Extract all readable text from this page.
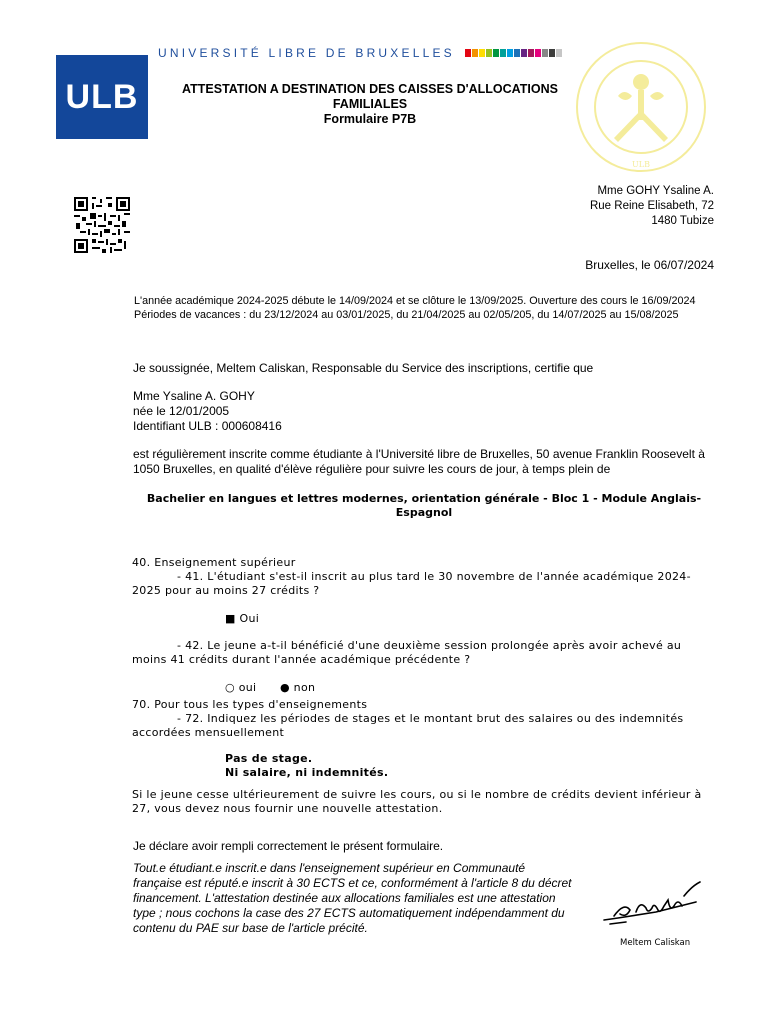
UNIVERSITÉ LIBRE DE BRUXELLES
ULB	ATTESTATION A DESTINATION DES CAISSES D'ALLOCATIONS FAMILIALES
Formulaire P7B
ULB
Mme GOHY Ysaline A.
Rue Reine Elisabeth, 72
1480 Tubize
Bruxelles, le 06/07/2024
L'année académique 2024-2025 débute le 14/09/2024 et se clôture le 13/09/2025. Ouverture des cours le 16/09/2024
Périodes de vacances : du 23/12/2024 au 03/01/2025, du 21/04/2025 au 02/05/205, du 14/07/2025 au 15/08/2025
Je soussignée, Meltem Caliskan, Responsable du Service des inscriptions, certifie que
Mme Ysaline A. GOHY
née le 12/01/2005
Identifiant ULB : 000608416
est régulièrement inscrite comme étudiante à l'Université libre de Bruxelles, 50 avenue Franklin Roosevelt à 1050 Bruxelles, en qualité d'élève régulière pour suivre les cours de jour, à temps plein de
Bachelier en langues et lettres modernes, orientation générale - Bloc 1 - Module Anglais-Espagnol
40. Enseignement supérieur
- 41. L'étudiant s'est-il inscrit au plus tard le 30 novembre de l'année académique 2024-2025 pour au moins 27 crédits ?
■ Oui
- 42. Le jeune a-t-il bénéficié d'une deuxième session prolongée après avoir achevé au moins 41 crédits durant l'année académique précédente ?
○ oui ● non
70. Pour tous les types d'enseignements
- 72. Indiquez les périodes de stages et le montant brut des salaires ou des indemnités accordées mensuellement
Pas de stage.
Ni salaire, ni indemnités.
Si le jeune cesse ultérieurement de suivre les cours, ou si le nombre de crédits devient inférieur à 27, vous devez nous fournir une nouvelle attestation.
Je déclare avoir rempli correctement le présent formulaire.
Tout.e étudiant.e inscrit.e dans l'enseignement supérieur en Communauté française est réputé.e inscrit à 30 ECTS et ce, conformément à l'article 8 du décret financement. L'attestation destinée aux allocations familiales est une attestation type ; nous cochons la case des 27 ECTS automatiquement indépendamment du contenu du PAE sur base de l'article précité.
Meltem Caliskan
